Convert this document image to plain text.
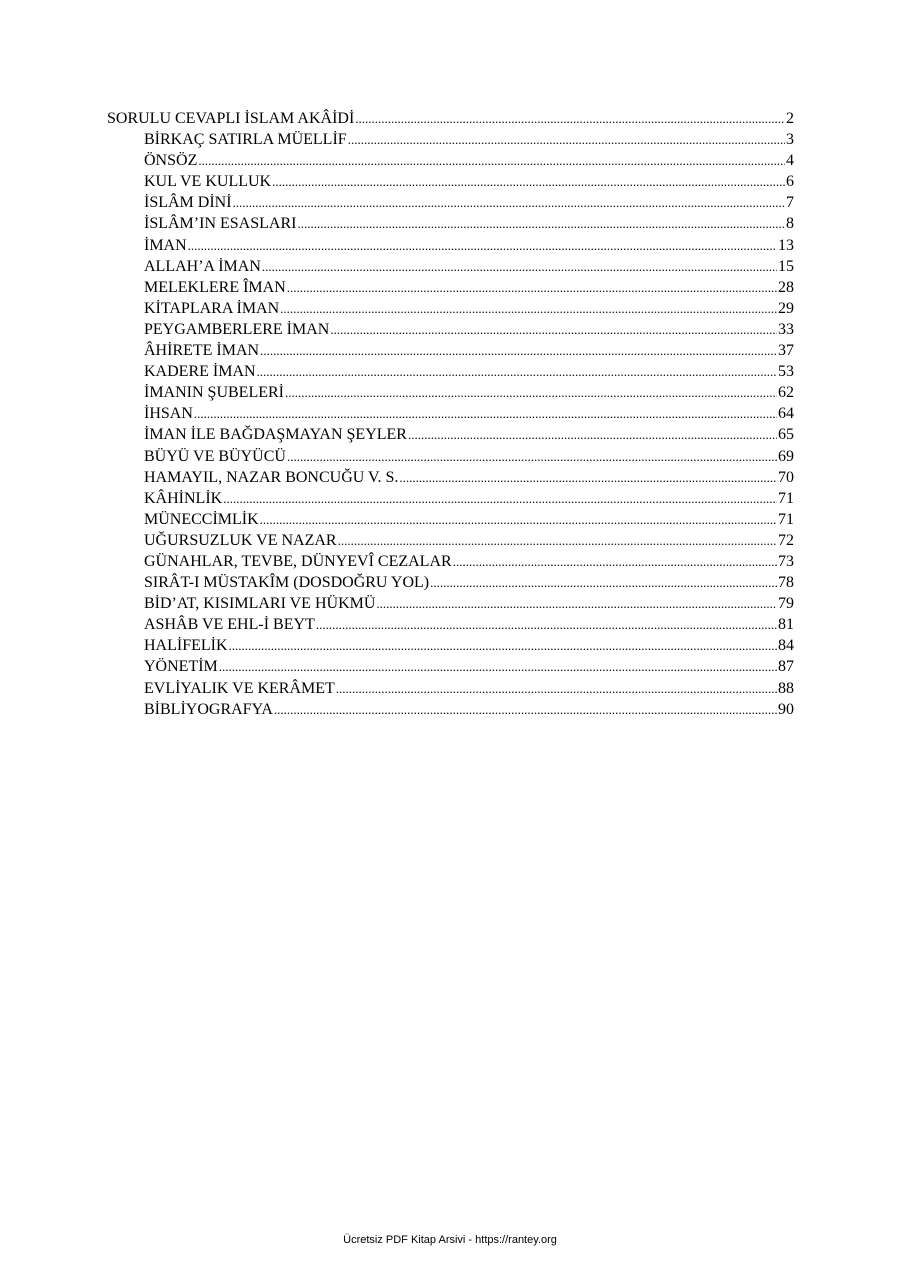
SORULU CEVAPLI İSLAM AKÂİDİ .....	2
BİRKAÇ SATIRLA MÜELLİF .....	3
ÖNSÖZ .....	4
KUL VE KULLUK .....	6
İSLÂM DİNİ .....	7
İSLÂM’IN ESASLARI .....	8
İMAN .....	13
ALLAH’A İMAN .....	15
MELEKLERE ÎMAN .....	28
KİTAPLARA İMAN .....	29
PEYGAMBERLERE İMAN .....	33
ÂHİRETE İMAN .....	37
KADERE İMAN .....	53
İMANIN ŞUBELERİ .....	62
İHSAN .....	64
İMAN İLE BAĞDAŞMAYAN ŞEYLER .....	65
BÜYÜ VE BÜYÜCÜ .....	69
HAMAYIL, NAZAR BONCUĞU V. S. .....	70
KÂHİNLİK .....	71
MÜNECCİMLİK .....	71
UĞURSUZLUK VE NAZAR .....	72
GÜNAHLAR, TEVBE, DÜNYEVÎ CEZALAR .....	73
SIRÂT-I MÜSTAKÎM (DOSDOĞRU YOL) .....	78
BİD’AT, KISIMLARI VE HÜKMÜ .....	79
ASHÂB VE EHL-İ BEYT .....	81
HALİFELİK .....	84
YÖNETİM .....	87
EVLİYALIK VE KERÂMET .....	88
BİBLİYOGRAFYA .....	90
Ücretsiz PDF Kitap Arsivi - https://rantey.org
